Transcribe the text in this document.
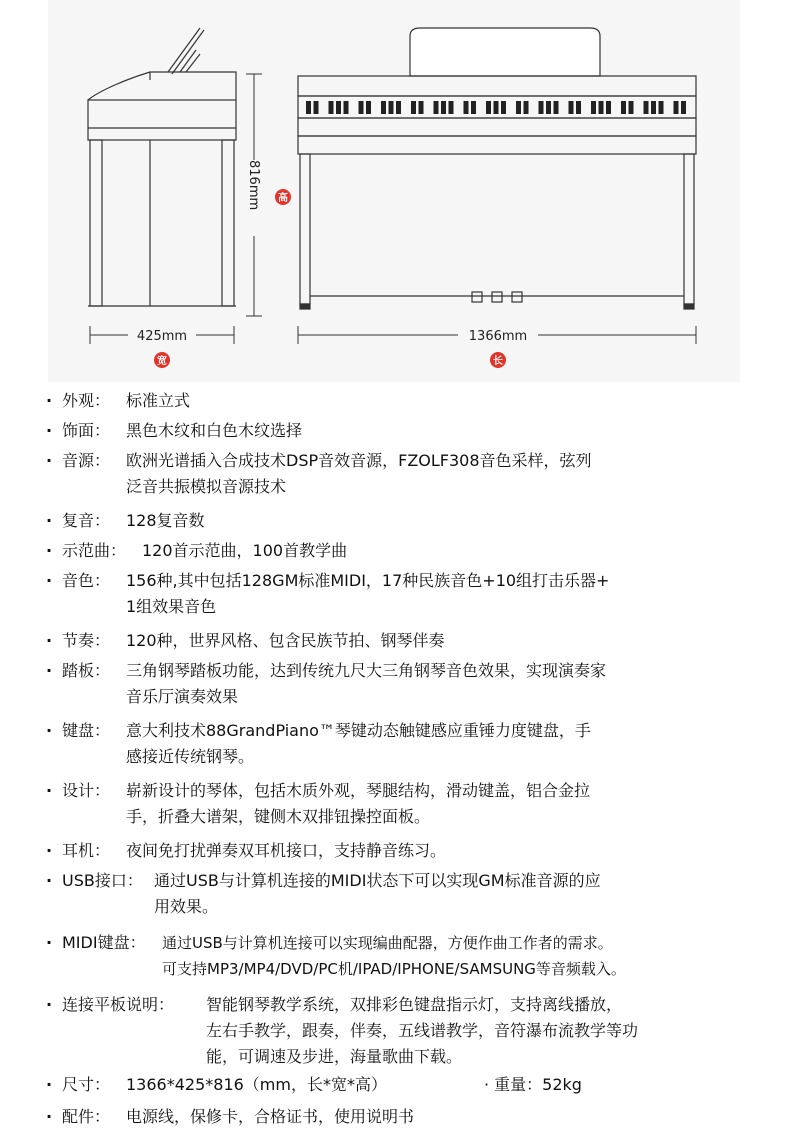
816mm 高
425mm
宽
1366mm
长
· 外观： 标准立式
· 饰面： 黑色木纹和白色木纹选择
· 音源： 欧洲光谱插入合成技术DSP音效音源，FZOLF308音色采样，弦列
泛音共振模拟音源技术
· 复音： 128复音数
· 示范曲： 120首示范曲，100首教学曲
· 音色： 156种,其中包括128GM标准MIDI，17种民族音色+10组打击乐器+
1组效果音色
· 节奏： 120种，世界风格、包含民族节拍、钢琴伴奏
· 踏板： 三角钢琴踏板功能，达到传统九尺大三角钢琴音色效果，实现演奏家
音乐厅演奏效果
· 键盘： 意大利技术88GrandPiano™琴键动态触键感应重锤力度键盘，手
感接近传统钢琴。
· 设计： 崭新设计的琴体，包括木质外观，琴腿结构，滑动键盖，铝合金拉
手，折叠大谱架，键侧木双排钮操控面板。
· 耳机： 夜间免打扰弹奏双耳机接口，支持静音练习。
· USB接口： 通过USB与计算机连接的MIDI状态下可以实现GM标准音源的应
用效果。
· MIDI键盘： 通过USB与计算机连接可以实现编曲配器，方便作曲工作者的需求。
可支持MP3/MP4/DVD/PC机/IPAD/IPHONE/SAMSUNG等音频载入。
· 连接平板说明： 智能钢琴教学系统，双排彩色键盘指示灯，支持离线播放，
左右手教学，跟奏，伴奏，五线谱教学，音符瀑布流教学等功
能，可调速及步进，海量歌曲下载。
· 尺寸： 1366*425*816（mm，长*宽*高）	· 重量：52kg
· 配件： 电源线，保修卡，合格证书，使用说明书
